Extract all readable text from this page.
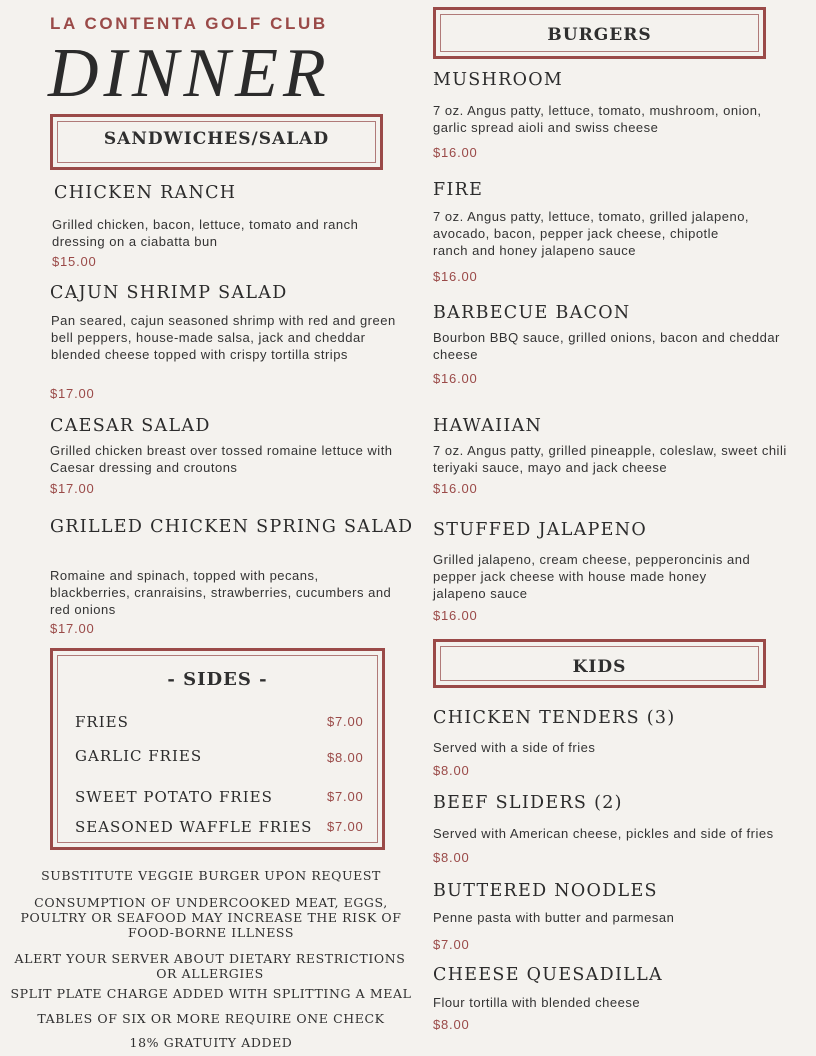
LA CONTENTA GOLF CLUB
DINNER
SANDWICHES/SALAD
CHICKEN RANCH
Grilled chicken, bacon, lettuce, tomato and ranch dressing on a ciabatta bun
$15.00
CAJUN SHRIMP SALAD
Pan seared, cajun seasoned shrimp with red and green bell peppers, house-made salsa, jack and cheddar blended cheese topped with crispy tortilla strips
$17.00
CAESAR SALAD
Grilled chicken breast over tossed romaine lettuce with Caesar dressing and croutons
$17.00
GRILLED CHICKEN SPRING SALAD
Romaine and spinach, topped with pecans, blackberries, cranraisins, strawberries, cucumbers and red onions
$17.00
- SIDES -
FRIES	$7.00
GARLIC FRIES	$8.00
SWEET POTATO FRIES	$7.00
SEASONED WAFFLE FRIES $7.00
SUBSTITUTE VEGGIE BURGER UPON REQUEST
CONSUMPTION OF UNDERCOOKED MEAT, EGGS, POULTRY OR SEAFOOD MAY INCREASE THE RISK OF FOOD-BORNE ILLNESS
ALERT YOUR SERVER ABOUT DIETARY RESTRICTIONS OR ALLERGIES
SPLIT PLATE CHARGE ADDED WITH SPLITTING A MEAL
TABLES OF SIX OR MORE REQUIRE ONE CHECK
18% GRATUITY ADDED
BURGERS
MUSHROOM
7 oz. Angus patty, lettuce, tomato, mushroom, onion, garlic spread aioli and swiss cheese
$16.00
FIRE
7 oz. Angus patty, lettuce, tomato, grilled jalapeno, avocado, bacon, pepper jack cheese, chipotle ranch and honey jalapeno sauce
$16.00
BARBECUE BACON
Bourbon BBQ sauce, grilled onions, bacon and cheddar cheese
$16.00
HAWAIIAN
7 oz. Angus patty, grilled pineapple, coleslaw, sweet chili teriyaki sauce, mayo and jack cheese
$16.00
STUFFED JALAPENO
Grilled jalapeno, cream cheese, pepperoncinis and pepper jack cheese with house made honey jalapeno sauce
$16.00
KIDS
CHICKEN TENDERS (3)
Served with a side of fries
$8.00
BEEF SLIDERS (2)
Served with American cheese, pickles and side of fries
$8.00
BUTTERED NOODLES
Penne pasta with butter and parmesan
$7.00
CHEESE QUESADILLA
Flour tortilla with blended cheese
$8.00
